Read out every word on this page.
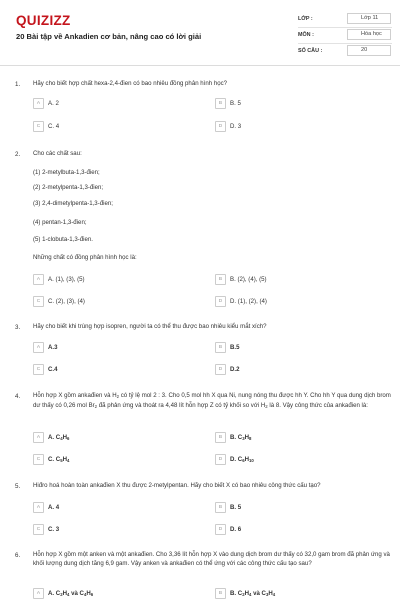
QUIZIZZ
20 Bài tập về Ankadien cơ bản, nâng cao có lời giải
LỚP :	Lớp 11
MÔN :	Hóa học
SỐ CÂU :	20
1. Hãy cho biết hợp chất hexa-2,4-đien có bao nhiêu đồng phân hình học?
A	A. 2	B	B. 5
C	C. 4	D	D. 3
2. Cho các chất sau:
(1) 2-metylbuta-1,3-đien;
(2) 2-metylpenta-1,3-đien;
(3) 2,4-dimetylpenta-1,3-đien;
(4) pentan-1,3-đien;
(5) 1-clobuta-1,3-đien.
Những chất có đồng phân hình học là:
A	A. (1), (3), (5)	B	B. (2), (4), (5)
C	C. (2), (3), (4)	D	D. (1), (2), (4)
3. Hãy cho biết khi trùng hợp isopren, người ta có thể thu được bao nhiêu kiểu mắt xích?
A	A.3	B	B.5
C	C.4	D	D.2
4. Hỗn hợp X gồm ankađien và $H_2$ có tỷ lệ mol 2 : 3. Cho 0,5 mol hh X qua Ni, nung nóng thu được hh Y. Cho hh Y qua dung dịch brom dư thấy có 0,26 mol $Br_2$ đã phản ứng và thoát ra 4,48 lít hỗn hợp Z có tỷ khối so với $H_2$ là 8. Vậy công thức của ankađien là:
A	A. $C_4H_6$	B	B. $C_3H_8$
C	C. $C_5H_4$	D	D. $C_6H_{10}$
5. Hiđro hoá hoàn toàn ankađien X thu được 2-metylpentan. Hãy cho biết X có bao nhiêu công thức cấu tạo?
A	A. 4	B	B. 5
C	C. 3	D	D. 6
6. Hỗn hợp X gồm một anken và một ankađien. Cho 3,36 lít hỗn hợp X vào dung dịch brom dư thấy có 32,0 gam brom đã phản ứng và khối lượng dung dịch tăng 6,9 gam. Vậy anken và ankađien có thể ứng với các công thức cấu tạo sau?
A	A. $C_2H_4$ và $C_4H_6$	B	B. $C_2H_4$ và $C_3H_4$
